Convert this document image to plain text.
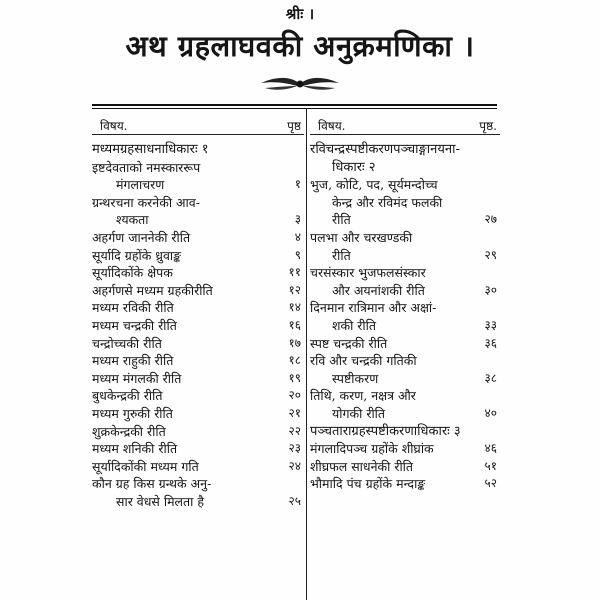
श्रीः ।
अथ ग्रहलाघवकी अनुक्रमणिका ।
विषय.	पृष्ठ
मध्यमग्रहसाधनाधिकारः १
इष्टदेवताको नमस्काररूप
मंगलाचरण	१
ग्रन्थरचना करनेकी आव-
श्यकता	३
अहर्गण जाननेकी रीति	४
सूर्यादि ग्रहोंके ध्रुवाङ्क	९
सूर्यादिकोंके क्षेपक	११
अहर्गणसे मध्यम ग्रहकीरीति	१२
मध्यम रविकी रीति	१४
मध्यम चन्द्रकी रीति	१६
चन्द्रोच्चकी रीति	१७
मध्यम राहुकी रीति	१८
मध्यम मंगलकी रीति	१९
बुधकेन्द्रकी रीति	२०
मध्यम गुरुकी रीति	२१
शुक्रकेन्द्रकी रीति	२२
मध्यम शनिकी रीति	२३
सूर्यादिकोंकी मध्यम गति	२४
कौन ग्रह किस ग्रन्थके अनु-
सार वेधसे मिलता है	२५
विषय.	पृष्ठ.
रविचन्द्रस्पष्टीकरणपञ्चाङ्गानयना-
धिकारः २
भुज, कोटि, पद, सूर्यमन्दोच्च
केन्द्र और रविमंद फलकी
रीति	२७
पलभा और चरखण्डकी
रीति	२९
चरसंस्कार भुजफलसंस्कार
और अयनांशकी रीति	३०
दिनमान रात्रिमान और अक्षां-
शकी रीति	३३
स्पष्ट चन्द्रकी रीति	३६
रवि और चन्द्रकी गतिकी
स्पष्टीकरण	३८
तिथि, करण, नक्षत्र और
योगकी रीति	४०
पञ्चताराग्रहस्पष्टीकरणाधिकारः ३
मंगलादिपञ्च ग्रहोंके शीघ्रांक	४६
शीघ्रफल साधनेकी रीति	५१
भौमादि पंच ग्रहोंके मन्दाङ्क	५२
